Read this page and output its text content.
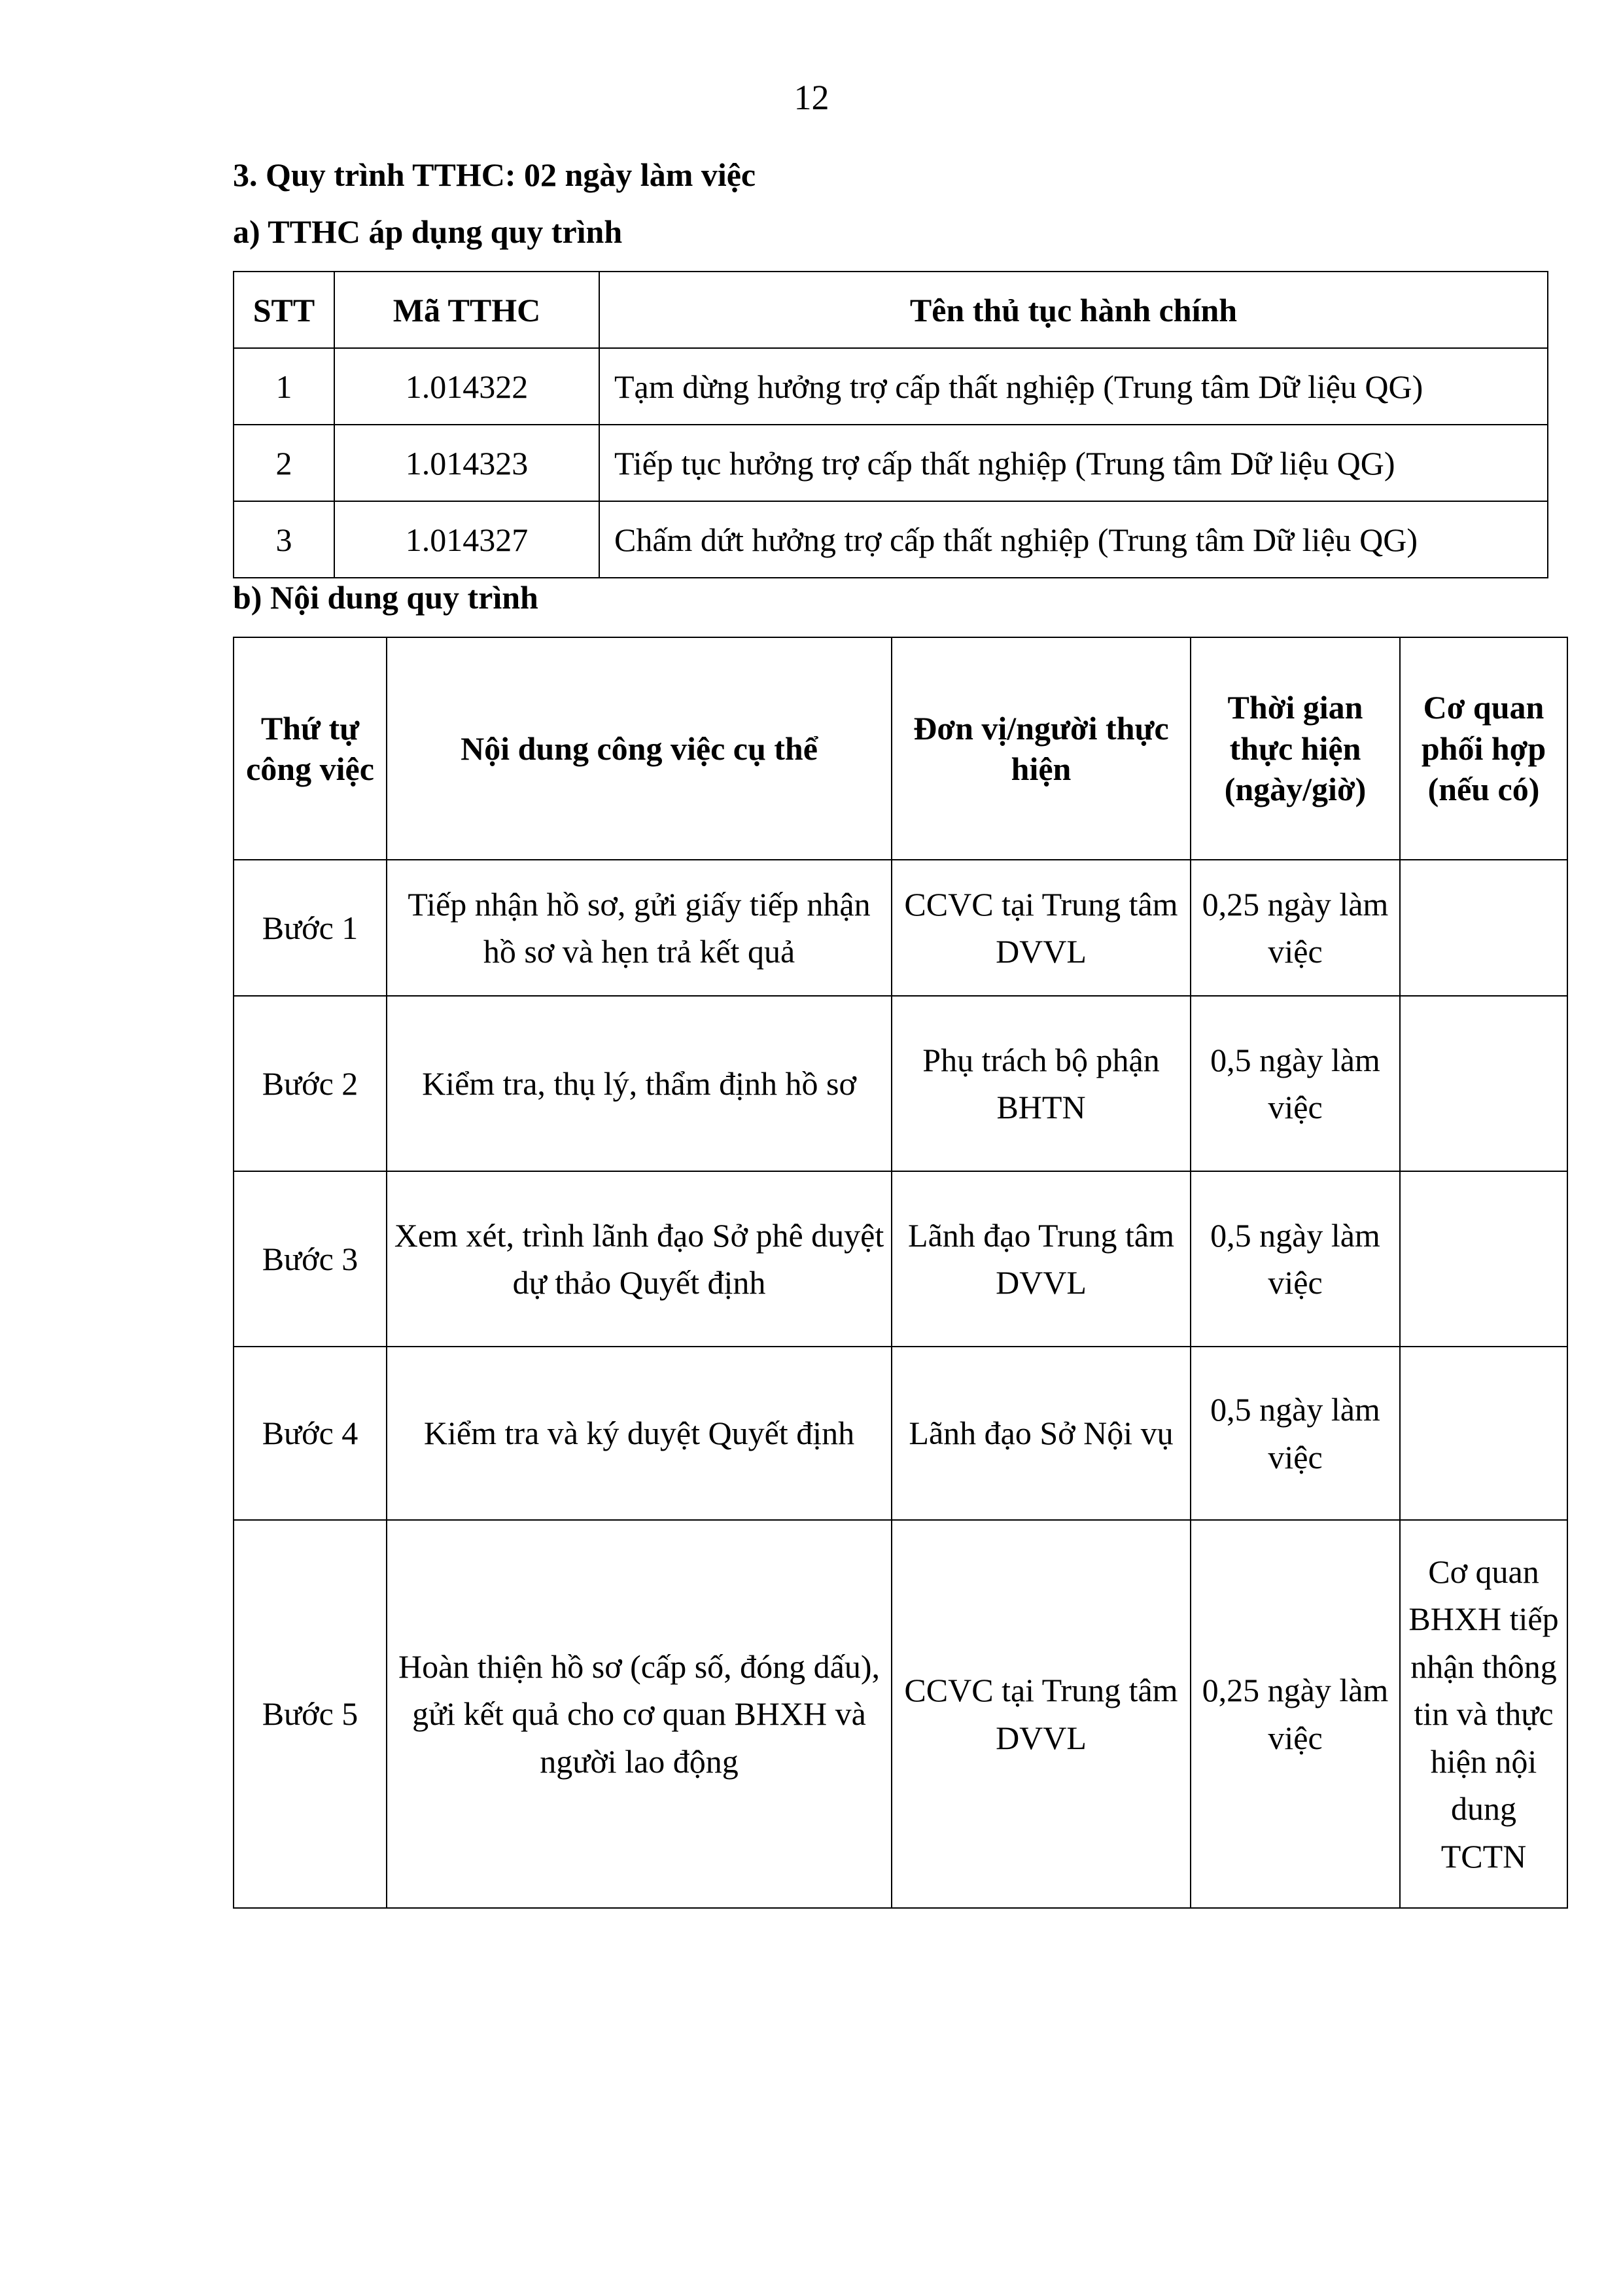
12
3. Quy trình TTHC: 02 ngày làm việc
a) TTHC áp dụng quy trình
STT	Mã TTHC	Tên thủ tục hành chính
1	1.014322	Tạm dừng hưởng trợ cấp thất nghiệp (Trung tâm Dữ liệu QG)
2	1.014323	Tiếp tục hưởng trợ cấp thất nghiệp (Trung tâm Dữ liệu QG)
3	1.014327	Chấm dứt hưởng trợ cấp thất nghiệp (Trung tâm Dữ liệu QG)
b) Nội dung quy trình
Thứ tự công việc	Nội dung công việc cụ thể	Đơn vị/người thực hiện	Thời gian thực hiện (ngày/giờ)	Cơ quan phối hợp (nếu có)
Bước 1	Tiếp nhận hồ sơ, gửi giấy tiếp nhận hồ sơ và hẹn trả kết quả	CCVC tại Trung tâm DVVL	0,25 ngày làm việc	
Bước 2	Kiểm tra, thụ lý, thẩm định hồ sơ	Phụ trách bộ phận BHTN	0,5 ngày làm việc	
Bước 3	Xem xét, trình lãnh đạo Sở phê duyệt dự thảo Quyết định	Lãnh đạo Trung tâm DVVL	0,5 ngày làm việc	
Bước 4	Kiểm tra và ký duyệt Quyết định	Lãnh đạo Sở Nội vụ	0,5 ngày làm việc	
Bước 5	Hoàn thiện hồ sơ (cấp số, đóng dấu), gửi kết quả cho cơ quan BHXH và người lao động	CCVC tại Trung tâm DVVL	0,25 ngày làm việc	Cơ quan BHXH tiếp nhận thông tin và thực hiện nội dung TCTN
